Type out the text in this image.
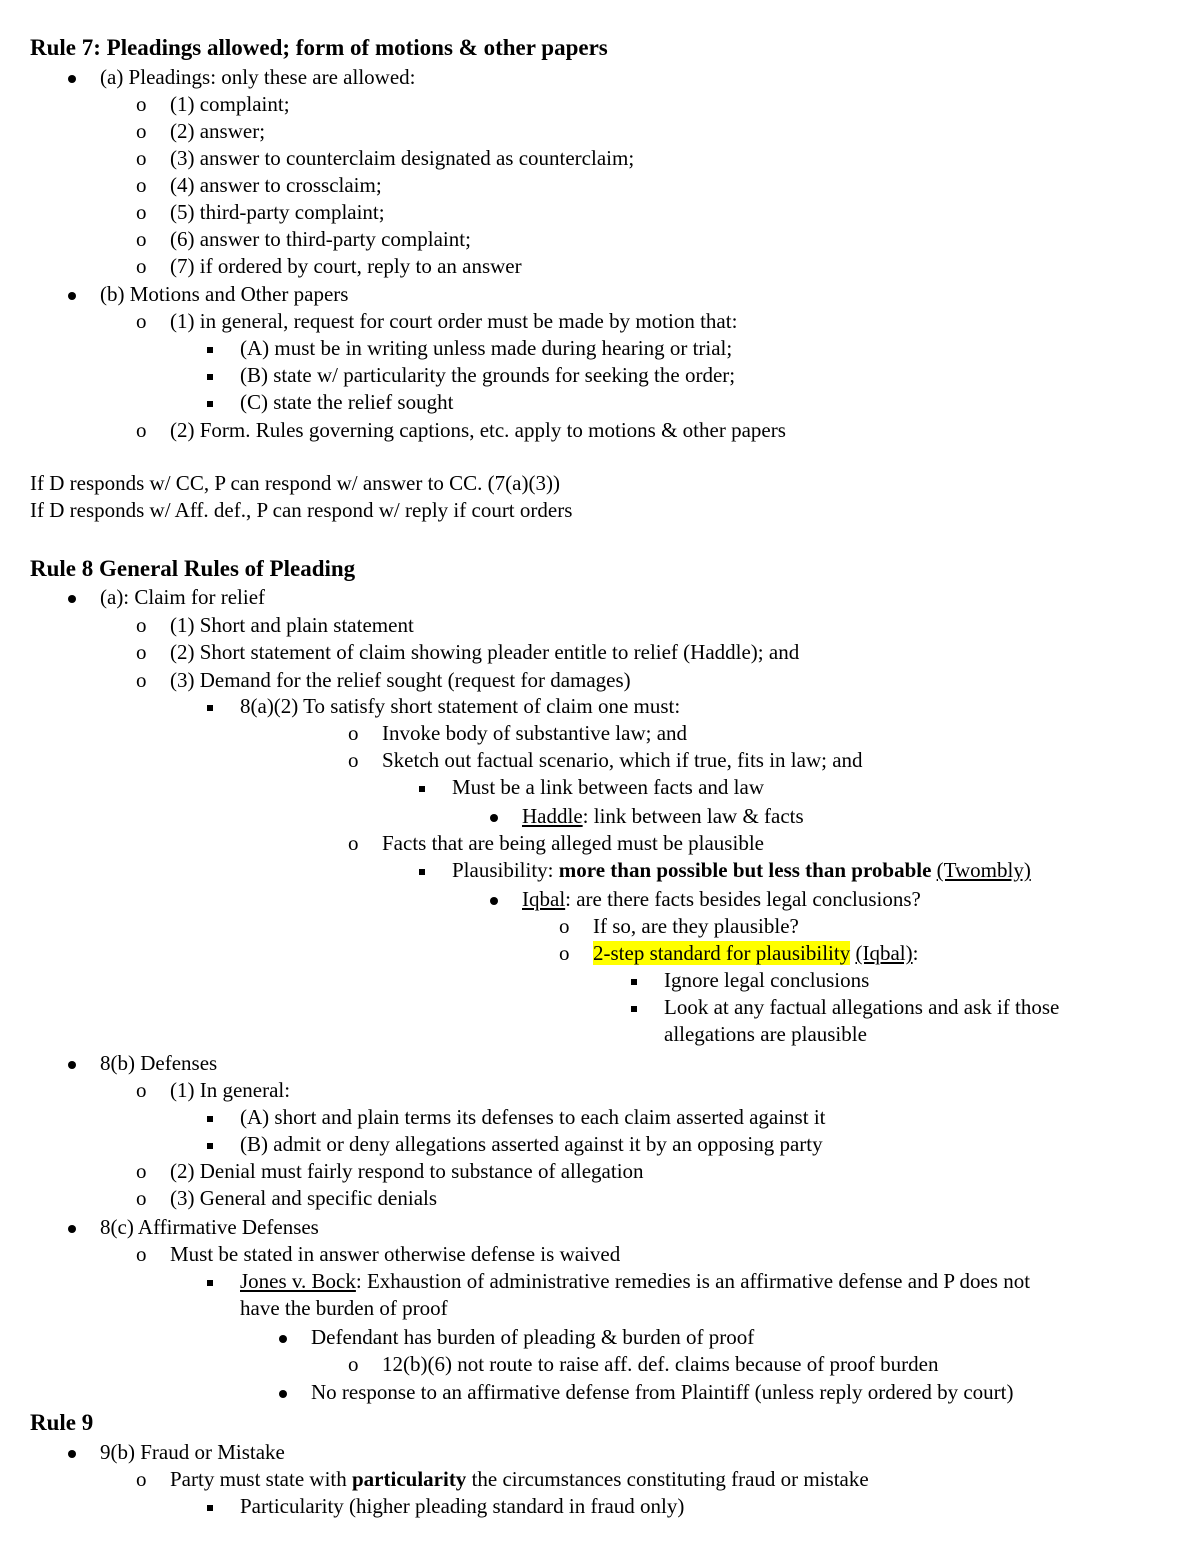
Rule 7: Pleadings allowed; form of motions & other papers
(a) Pleadings: only these are allowed:
o
(1) complaint;
o
(2) answer;
o
(3) answer to counterclaim designated as counterclaim;
o
(4) answer to crossclaim;
o
(5) third-party complaint;
o
(6) answer to third-party complaint;
o
(7) if ordered by court, reply to an answer
(b) Motions and Other papers
o
(1) in general, request for court order must be made by motion that:
(A) must be in writing unless made during hearing or trial;
(B) state w/ particularity the grounds for seeking the order;
(C) state the relief sought
o
(2) Form. Rules governing captions, etc. apply to motions & other papers
If D responds w/ CC, P can respond w/ answer to CC. (7(a)(3))
If D responds w/ Aff. def., P can respond w/ reply if court orders
Rule 8 General Rules of Pleading
(a): Claim for relief
o
(1) Short and plain statement
o
(2) Short statement of claim showing pleader entitle to relief (Haddle); and
o
(3) Demand for the relief sought (request for damages)
8(a)(2) To satisfy short statement of claim one must:
o
Invoke body of substantive law; and
o
Sketch out factual scenario, which if true, fits in law; and
Must be a link between facts and law
Haddle: link between law & facts
o
Facts that are being alleged must be plausible
Plausibility: more than possible but less than probable (Twombly)
Iqbal: are there facts besides legal conclusions?
o
If so, are they plausible?
o
2-step standard for plausibility (Iqbal):
Ignore legal conclusions
Look at any factual allegations and ask if those
allegations are plausible
8(b) Defenses
o
(1) In general:
(A) short and plain terms its defenses to each claim asserted against it
(B) admit or deny allegations asserted against it by an opposing party
o
(2) Denial must fairly respond to substance of allegation
o
(3) General and specific denials
8(c) Affirmative Defenses
o
Must be stated in answer otherwise defense is waived
Jones v. Bock: Exhaustion of administrative remedies is an affirmative defense and P does not
have the burden of proof
Defendant has burden of pleading & burden of proof
o
12(b)(6) not route to raise aff. def. claims because of proof burden
No response to an affirmative defense from Plaintiff (unless reply ordered by court)
Rule 9
9(b) Fraud or Mistake
o
Party must state with particularity the circumstances constituting fraud or mistake
Particularity (higher pleading standard in fraud only)
